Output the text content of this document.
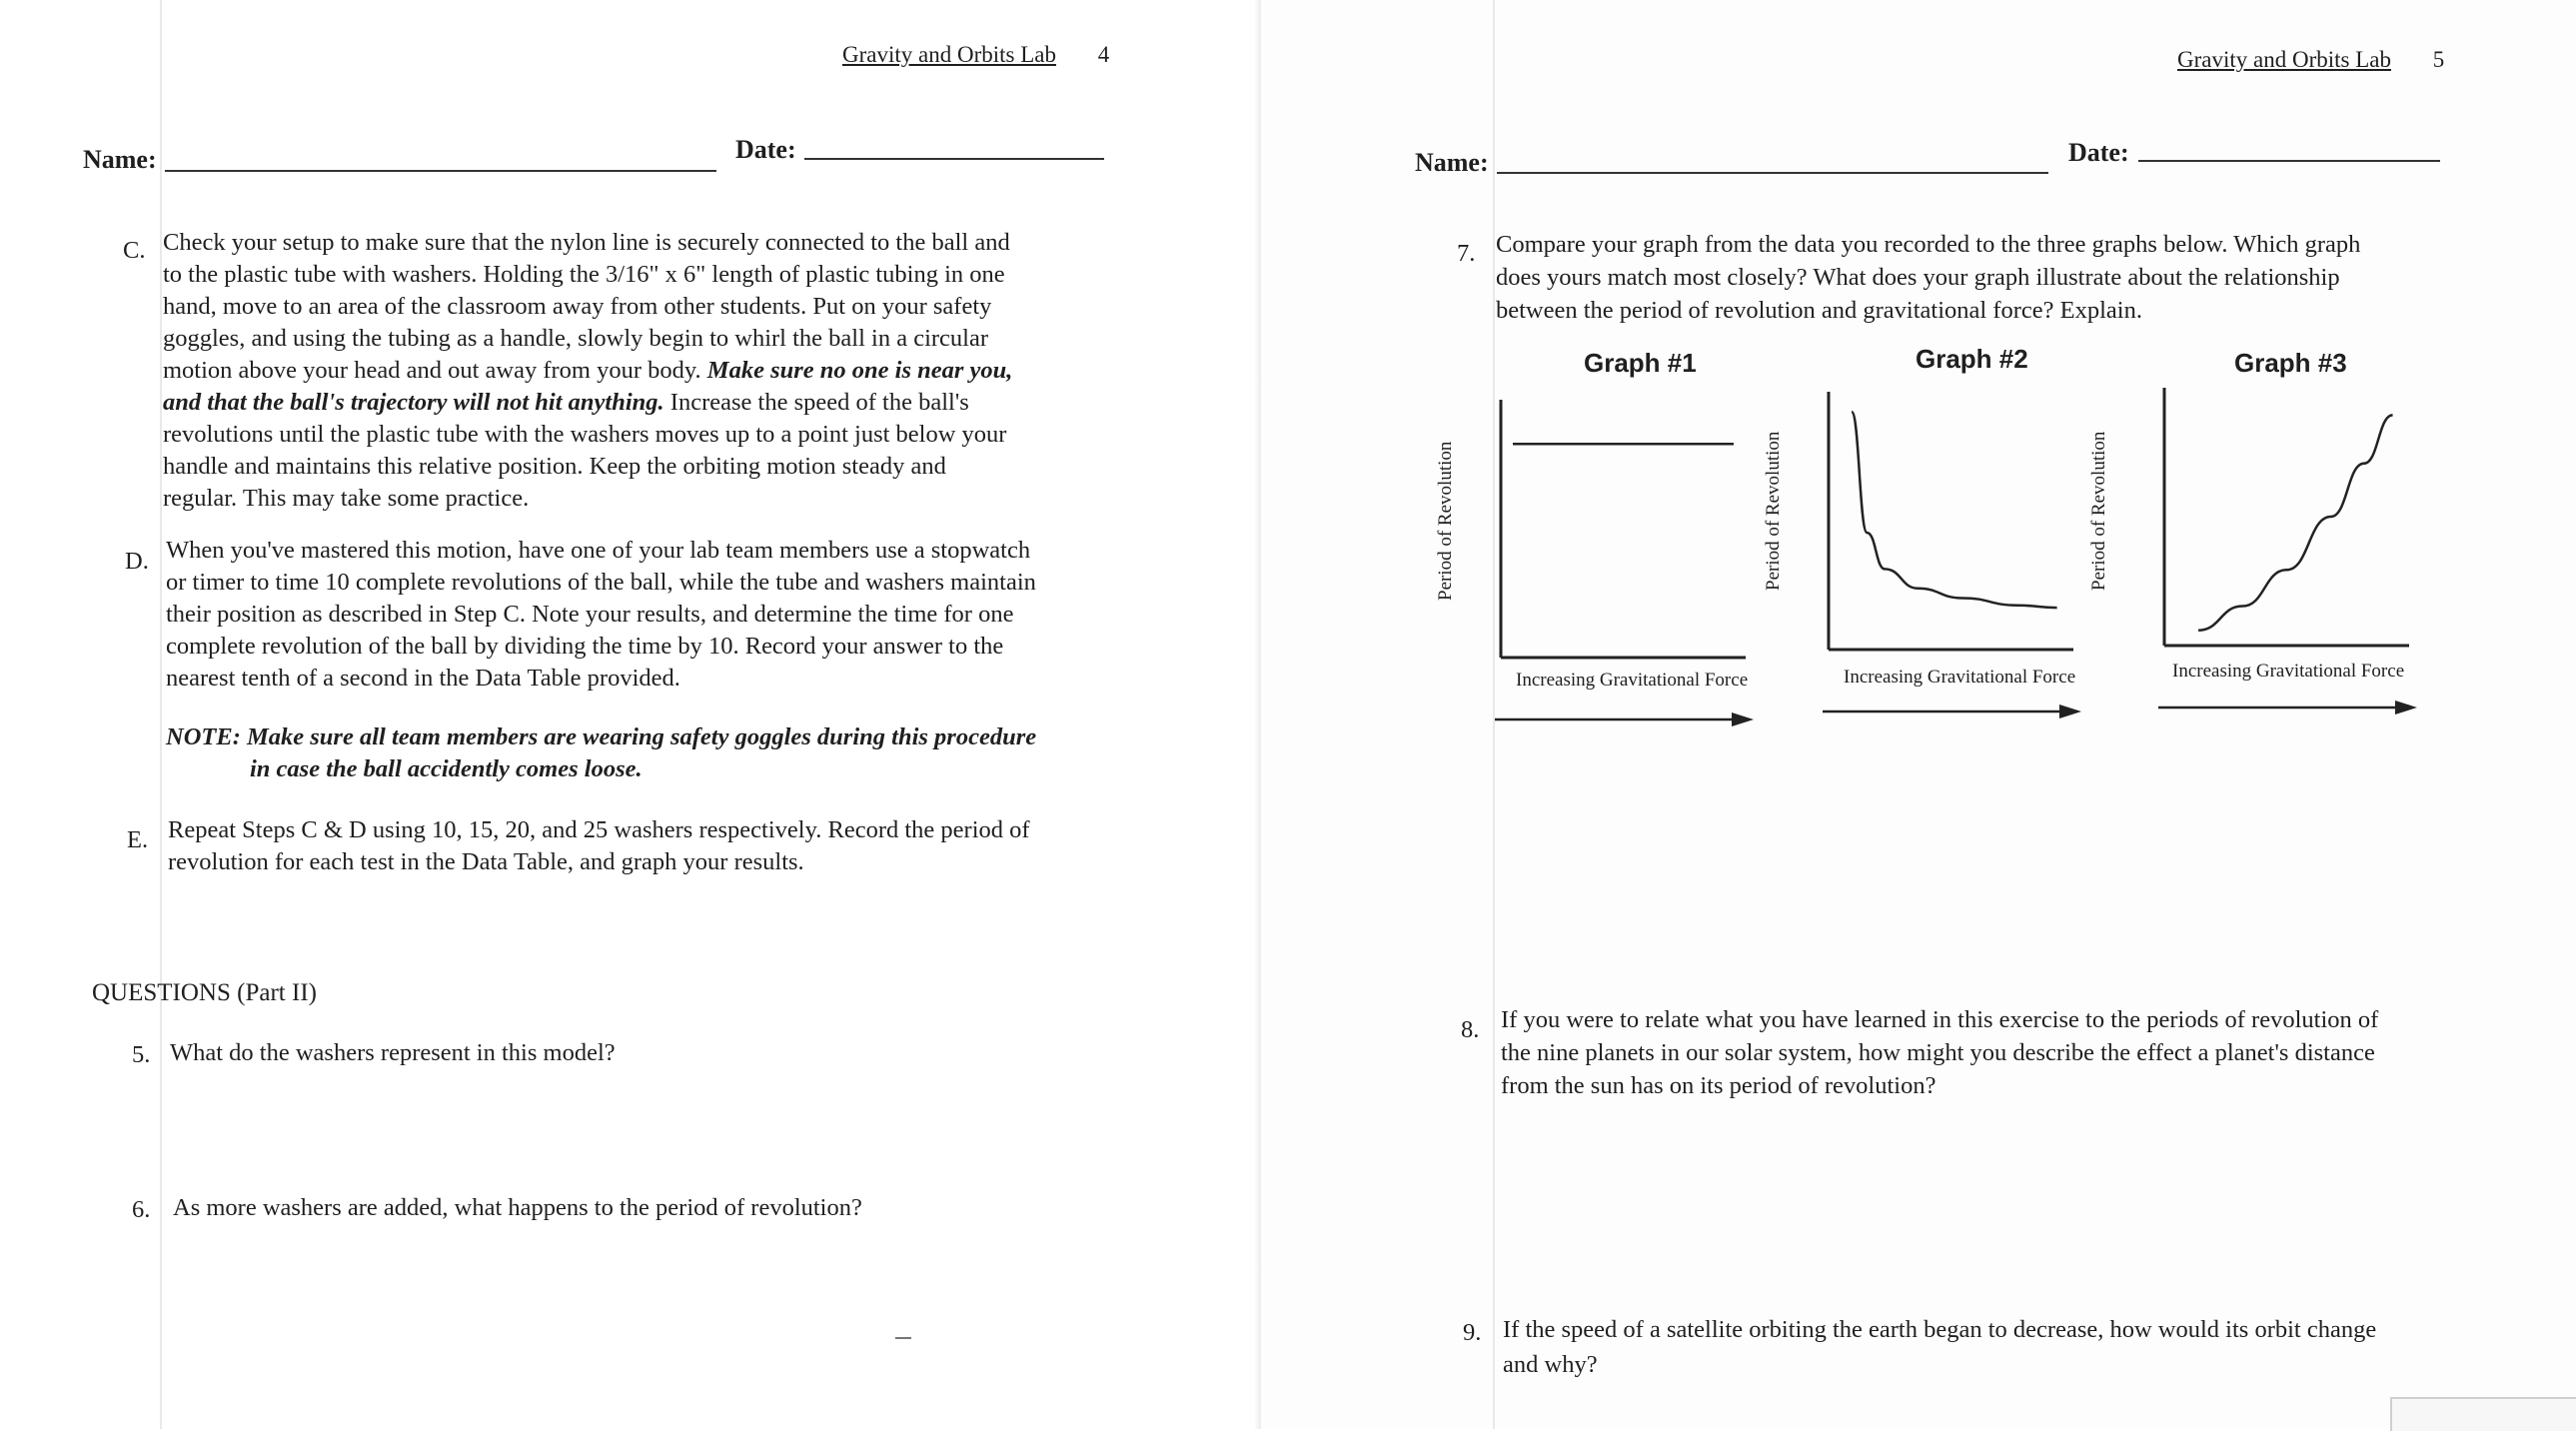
Gravity and Orbits Lab 4
Name:	Date:
C. Check your setup to make sure that the nylon line is securely connected to the ball and
to the plastic tube with washers. Holding the 3/16" x 6" length of plastic tubing in one
hand, move to an area of the classroom away from other students. Put on your safety
goggles, and using the tubing as a handle, slowly begin to whirl the ball in a circular
motion above your head and out away from your body. Make sure no one is near you,
and that the ball's trajectory will not hit anything. Increase the speed of the ball's
revolutions until the plastic tube with the washers moves up to a point just below your
handle and maintains this relative position. Keep the orbiting motion steady and
regular. This may take some practice.
D. When you've mastered this motion, have one of your lab team members use a stopwatch
or timer to time 10 complete revolutions of the ball, while the tube and washers maintain
their position as described in Step C. Note your results, and determine the time for one
complete revolution of the ball by dividing the time by 10. Record your answer to the
nearest tenth of a second in the Data Table provided.
NOTE: Make sure all team members are wearing safety goggles during this procedure
in case the ball accidently comes loose.
E. Repeat Steps C & D using 10, 15, 20, and 25 washers respectively. Record the period of
revolution for each test in the Data Table, and graph your results.
QUESTIONS (Part II)
5. What do the washers represent in this model?
6. As more washers are added, what happens to the period of revolution?
Gravity and Orbits Lab 5
Name:	Date:
7. Compare your graph from the data you recorded to the three graphs below. Which graph
does yours match most closely? What does your graph illustrate about the relationship
between the period of revolution and gravitational force? Explain.
Graph #1
Period of Revolution
Increasing Gravitational Force
Graph #2
Period of Revolution
Increasing Gravitational Force
Graph #3
Period of Revolution
Increasing Gravitational Force
8. If you were to relate what you have learned in this exercise to the periods of revolution of
the nine planets in our solar system, how might you describe the effect a planet's distance
from the sun has on its period of revolution?
9. If the speed of a satellite orbiting the earth began to decrease, how would its orbit change
and why?
